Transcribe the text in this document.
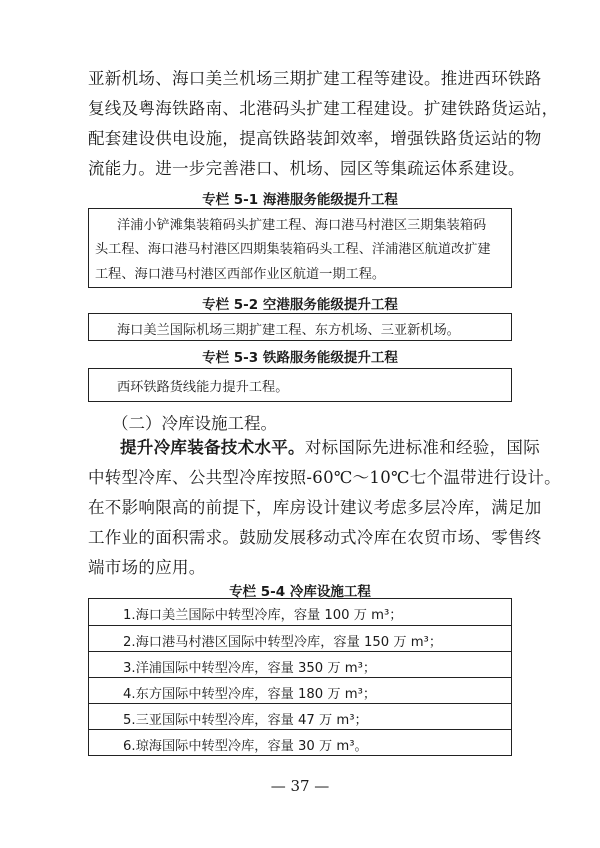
亚新机场、海口美兰机场三期扩建工程等建设。推进西环铁路
复线及粤海铁路南、北港码头扩建工程建设。扩建铁路货运站，
配套建设供电设施，提高铁路装卸效率，增强铁路货运站的物
流能力。进一步完善港口、机场、园区等集疏运体系建设。
专栏 5-1 海港服务能级提升工程
洋浦小铲滩集装箱码头扩建工程、海口港马村港区三期集装箱码
头工程、海口港马村港区四期集装箱码头工程、洋浦港区航道改扩建
工程、海口港马村港区西部作业区航道一期工程。
专栏 5-2 空港服务能级提升工程
海口美兰国际机场三期扩建工程、东方机场、三亚新机场。
专栏 5-3 铁路服务能级提升工程
西环铁路货线能力提升工程。
（二）冷库设施工程。
提升冷库装备技术水平。对标国际先进标准和经验，国际
中转型冷库、公共型冷库按照-60℃～10℃七个温带进行设计。
在不影响限高的前提下，库房设计建议考虑多层冷库，满足加
工作业的面积需求。鼓励发展移动式冷库在农贸市场、零售终
端市场的应用。
专栏 5-4 冷库设施工程
1.海口美兰国际中转型冷库，容量 100 万 m³；
2.海口港马村港区国际中转型冷库，容量 150 万 m³；
3.洋浦国际中转型冷库，容量 350 万 m³；
4.东方国际中转型冷库，容量 180 万 m³；
5.三亚国际中转型冷库，容量 47 万 m³；
6.琼海国际中转型冷库，容量 30 万 m³。
— 37 —
